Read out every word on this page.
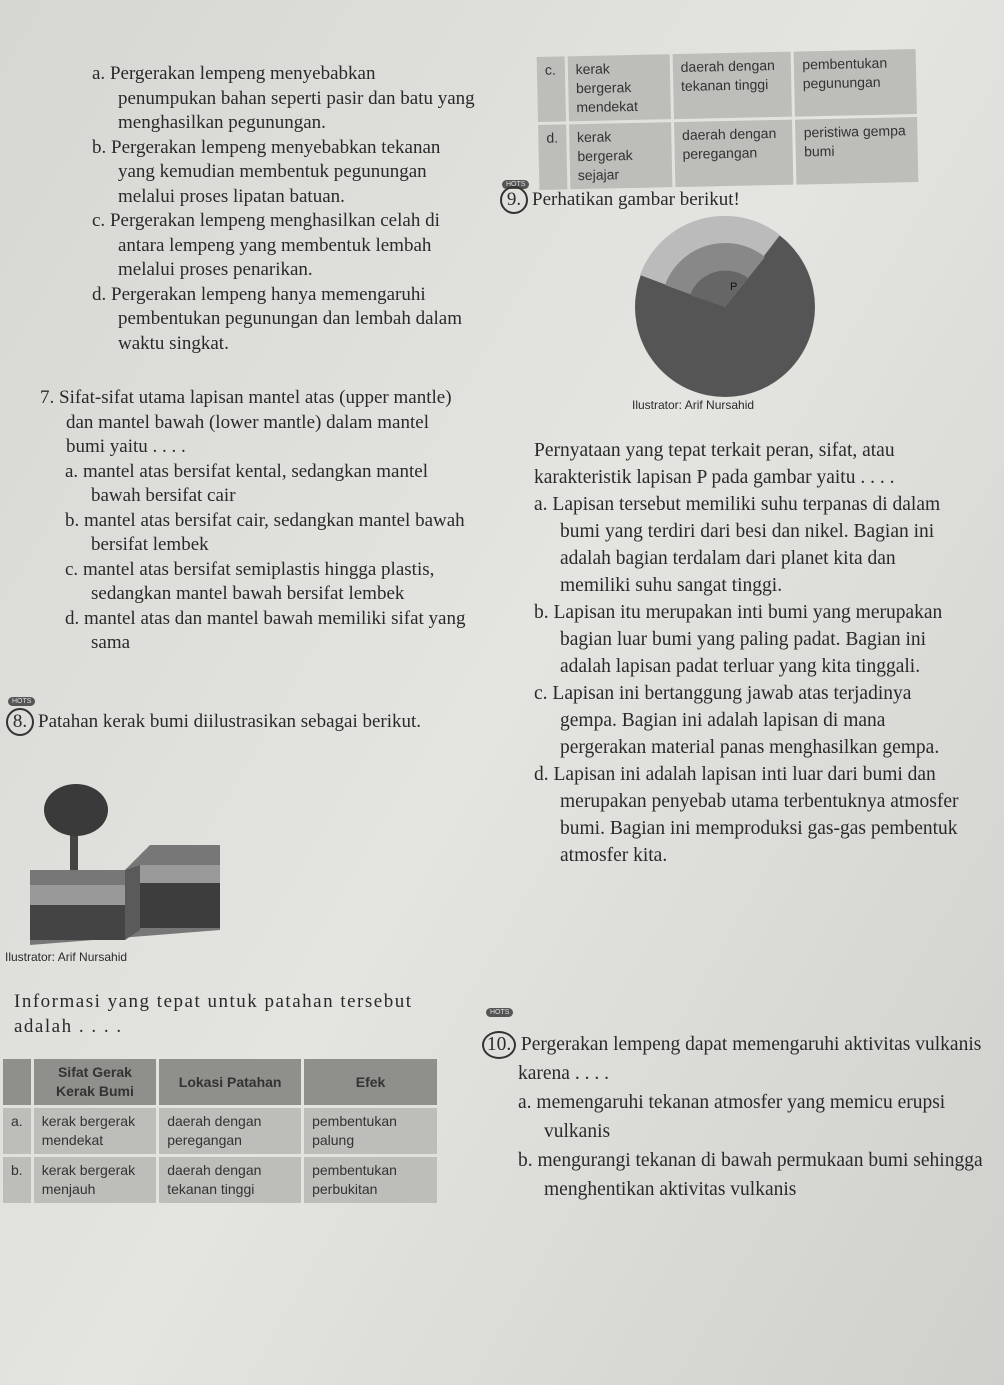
a. Pergerakan lempeng menyebabkan penumpukan bahan seperti pasir dan batu yang menghasilkan pegunungan.

b. Pergerakan lempeng menyebabkan tekanan yang kemudian membentuk pegunungan melalui proses lipatan batuan.

c. Pergerakan lempeng menghasilkan celah di antara lempeng yang membentuk lembah melalui proses penarikan.

d. Pergerakan lempeng hanya memengaruhi pembentukan pegunungan dan lembah dalam waktu singkat.

7. Sifat-sifat utama lapisan mantel atas (upper mantle) dan mantel bawah (lower mantle) dalam mantel bumi yaitu . . . .

a. mantel atas bersifat kental, sedangkan mantel bawah bersifat cair

b. mantel atas bersifat cair, sedangkan mantel bawah bersifat lembek

c. mantel atas bersifat semiplastis hingga plastis, sedangkan mantel bawah bersifat lembek

d. mantel atas dan mantel bawah memiliki sifat yang sama

HOTS

8. Patahan kerak bumi diilustrasikan sebagai berikut.

Ilustrator: Arif Nursahid
Informasi yang tepat untuk patahan tersebut adalah . . . .
	Sifat Gerak Kerak Bumi	Lokasi Patahan	Efek
a.	kerak bergerak mendekat	daerah dengan peregangan	pembentukan palung
b.	kerak bergerak menjauh	daerah dengan tekanan tinggi	pembentukan perbukitan
c.	kerak bergerak mendekat	daerah dengan tekanan tinggi	pembentukan pegunungan
d.	kerak bergerak sejajar	daerah dengan peregangan	peristiwa gempa bumi
HOTS

9. Perhatikan gambar berikut!

P
Ilustrator: Arif Nursahid

Pernyataan yang tepat terkait peran, sifat, atau karakteristik lapisan P pada gambar yaitu . . . .

a. Lapisan tersebut memiliki suhu terpanas di dalam bumi yang terdiri dari besi dan nikel. Bagian ini adalah bagian terdalam dari planet kita dan memiliki suhu sangat tinggi.

b. Lapisan itu merupakan inti bumi yang merupakan bagian luar bumi yang paling padat. Bagian ini adalah lapisan padat terluar yang kita tinggali.

c. Lapisan ini bertanggung jawab atas terjadinya gempa. Bagian ini adalah lapisan di mana pergerakan material panas menghasilkan gempa.

d. Lapisan ini adalah lapisan inti luar dari bumi dan merupakan penyebab utama terbentuknya atmosfer bumi. Bagian ini memproduksi gas-gas pembentuk atmosfer kita.

HOTS

10. Pergerakan lempeng dapat memengaruhi aktivitas vulkanis karena . . . .

a. memengaruhi tekanan atmosfer yang memicu erupsi vulkanis

b. mengurangi tekanan di bawah permukaan bumi sehingga menghentikan aktivitas vulkanis
